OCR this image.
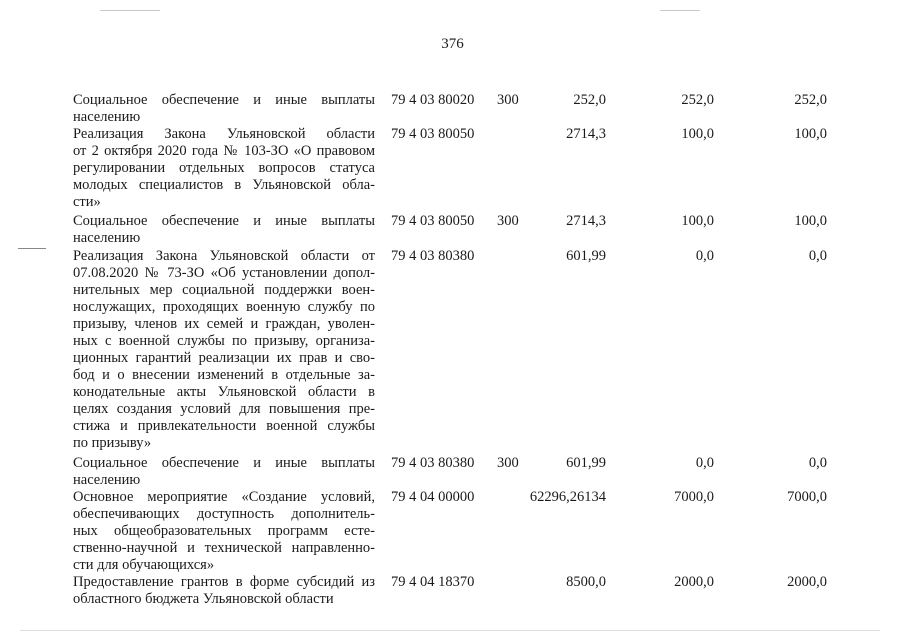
376
Социальное обеспечение и иные выплаты
населению
79 4 03 80020 300	252,0	252,0	252,0
Реализация Закона Ульяновской области
от 2 октября 2020 года № 103-ЗО «О правовом
регулировании отдельных вопросов статуса
молодых специалистов в Ульяновской обла-
сти»
79 4 03 80050	2714,3	100,0	100,0
Социальное обеспечение и иные выплаты
населению
79 4 03 80050 300	2714,3	100,0	100,0
Реализация Закона Ульяновской области от
07.08.2020 № 73-ЗО «Об установлении допол-
нительных мер социальной поддержки воен-
нослужащих, проходящих военную службу по
призыву, членов их семей и граждан, уволен-
ных с военной службы по призыву, организа-
ционных гарантий реализации их прав и сво-
бод и о внесении изменений в отдельные за-
конодательные акты Ульяновской области в
целях создания условий для повышения пре-
стижа и привлекательности военной службы
по призыву»
79 4 03 80380	601,99	0,0	0,0
Социальное обеспечение и иные выплаты
населению
79 4 03 80380 300	601,99	0,0	0,0
Основное мероприятие «Создание условий,
обеспечивающих доступность дополнитель-
ных общеобразовательных программ есте-
ственно-научной и технической направленно-
сти для обучающихся»
79 4 04 00000	62296,26134	7000,0	7000,0
Предоставление грантов в форме субсидий из
областного бюджета Ульяновской области
79 4 04 18370	8500,0	2000,0	2000,0
